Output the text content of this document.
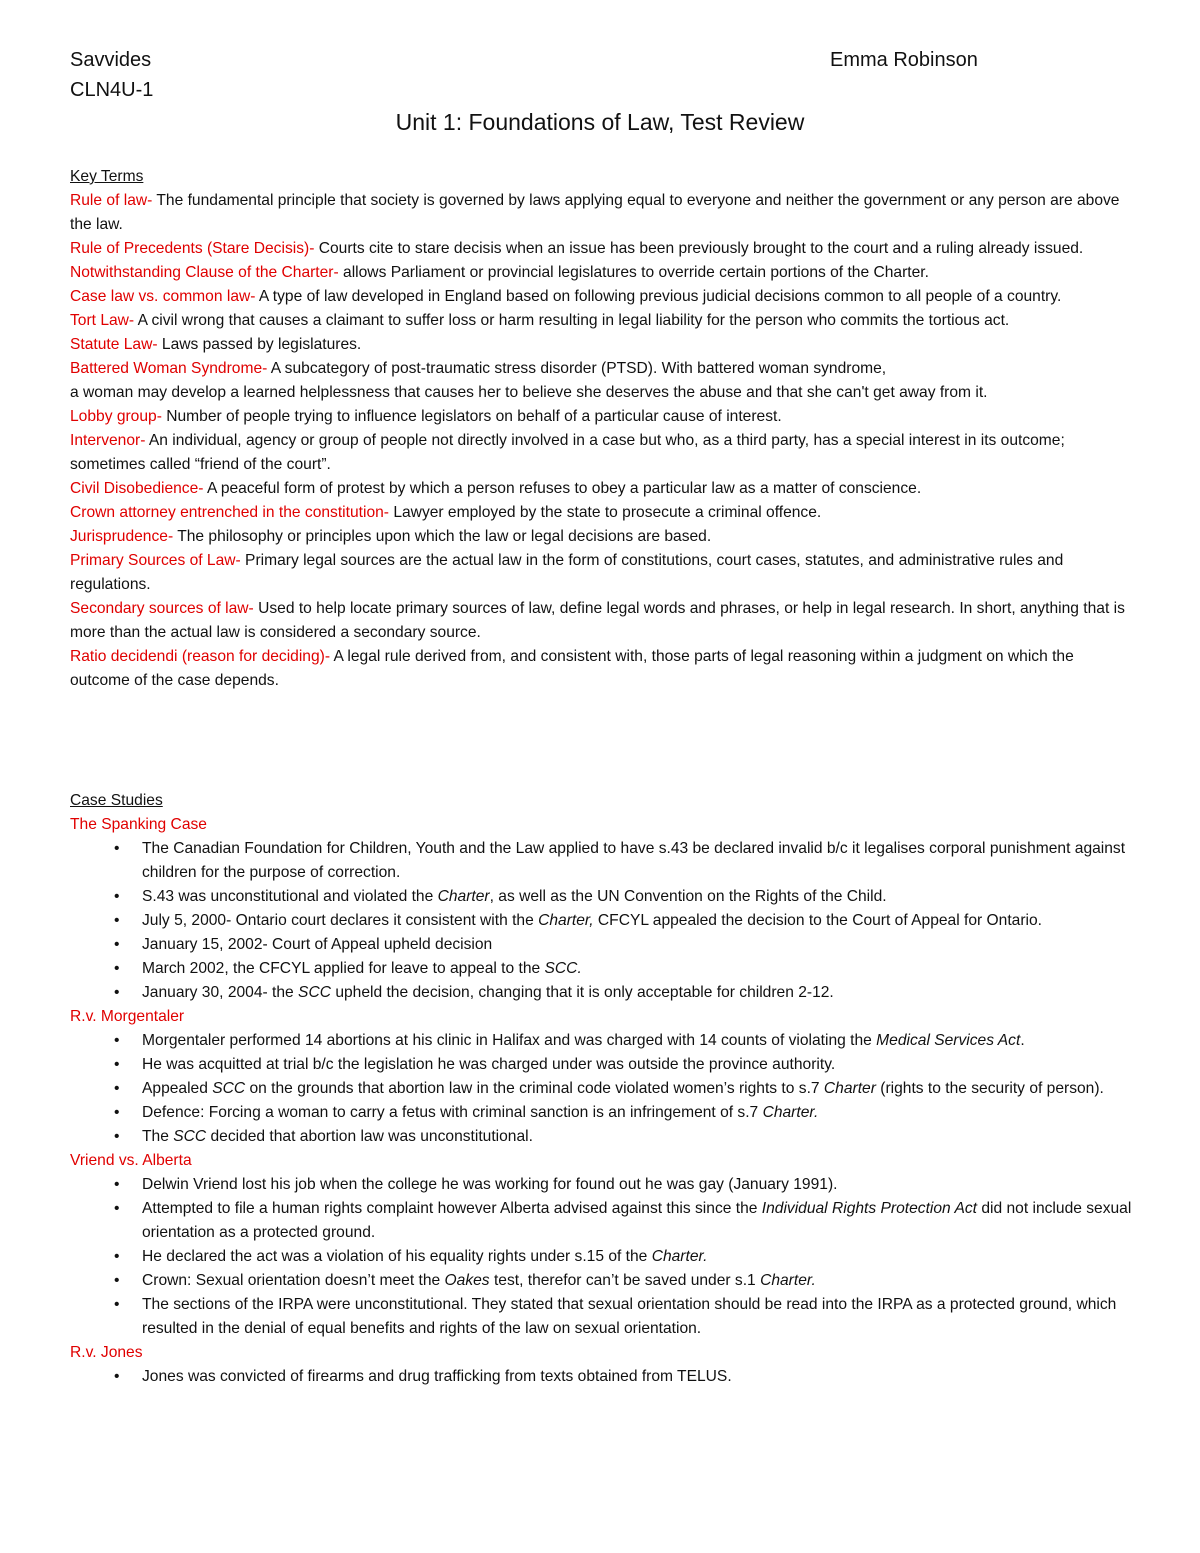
Savvides
CLN4U-1
Emma Robinson
Unit 1: Foundations of Law, Test Review
Key Terms

Rule of law- The fundamental principle that society is governed by laws applying equal to everyone and neither the government or any person are above the law.

Rule of Precedents (Stare Decisis)- Courts cite to stare decisis when an issue has been previously brought to the court and a ruling already issued.

Notwithstanding Clause of the Charter- allows Parliament or provincial legislatures to override certain portions of the Charter.

Case law vs. common law- A type of law developed in England based on following previous judicial decisions common to all people of a country.

Tort Law- A civil wrong that causes a claimant to suffer loss or harm resulting in legal liability for the person who commits the tortious act.

Statute Law- Laws passed by legislatures.

Battered Woman Syndrome- A subcategory of post-traumatic stress disorder (PTSD). With battered woman syndrome,

a woman may develop a learned helplessness that causes her to believe she deserves the abuse and that she can't get away from it.

Lobby group- Number of people trying to influence legislators on behalf of a particular cause of interest.

Intervenor- An individual, agency or group of people not directly involved in a case but who, as a third party, has a special interest in its outcome; sometimes called “friend of the court”.

Civil Disobedience- A peaceful form of protest by which a person refuses to obey a particular law as a matter of conscience.

Crown attorney entrenched in the constitution- Lawyer employed by the state to prosecute a criminal offence.

Jurisprudence- The philosophy or principles upon which the law or legal decisions are based.

Primary Sources of Law- Primary legal sources are the actual law in the form of constitutions, court cases, statutes, and administrative rules and regulations.

Secondary sources of law- Used to help locate primary sources of law, define legal words and phrases, or help in legal research. In short, anything that is more than the actual law is considered a secondary source.

Ratio decidendi (reason for deciding)- A legal rule derived from, and consistent with, those parts of legal reasoning within a judgment on which the outcome of the case depends.

Case Studies
The Spanking Case
• The Canadian Foundation for Children, Youth and the Law applied to have s.43 be declared invalid b/c it legalises corporal punishment against children for the purpose of correction.
• S.43 was unconstitutional and violated the Charter, as well as the UN Convention on the Rights of the Child.
• July 5, 2000- Ontario court declares it consistent with the Charter, CFCYL appealed the decision to the Court of Appeal for Ontario.
• January 15, 2002- Court of Appeal upheld decision
• March 2002, the CFCYL applied for leave to appeal to the SCC.
• January 30, 2004- the SCC upheld the decision, changing that it is only acceptable for children 2-12.
R.v. Morgentaler
• Morgentaler performed 14 abortions at his clinic in Halifax and was charged with 14 counts of violating the Medical Services Act.
• He was acquitted at trial b/c the legislation he was charged under was outside the province authority.
• Appealed SCC on the grounds that abortion law in the criminal code violated women’s rights to s.7 Charter (rights to the security of person).
• Defence: Forcing a woman to carry a fetus with criminal sanction is an infringement of s.7 Charter.
• The SCC decided that abortion law was unconstitutional.
Vriend vs. Alberta
• Delwin Vriend lost his job when the college he was working for found out he was gay (January 1991).
• Attempted to file a human rights complaint however Alberta advised against this since the Individual Rights Protection Act did not include sexual orientation as a protected ground.
• He declared the act was a violation of his equality rights under s.15 of the Charter.
• Crown: Sexual orientation doesn’t meet the Oakes test, therefor can’t be saved under s.1 Charter.
• The sections of the IRPA were unconstitutional. They stated that sexual orientation should be read into the IRPA as a protected ground, which resulted in the denial of equal benefits and rights of the law on sexual orientation.
R.v. Jones
• Jones was convicted of firearms and drug trafficking from texts obtained from TELUS.
